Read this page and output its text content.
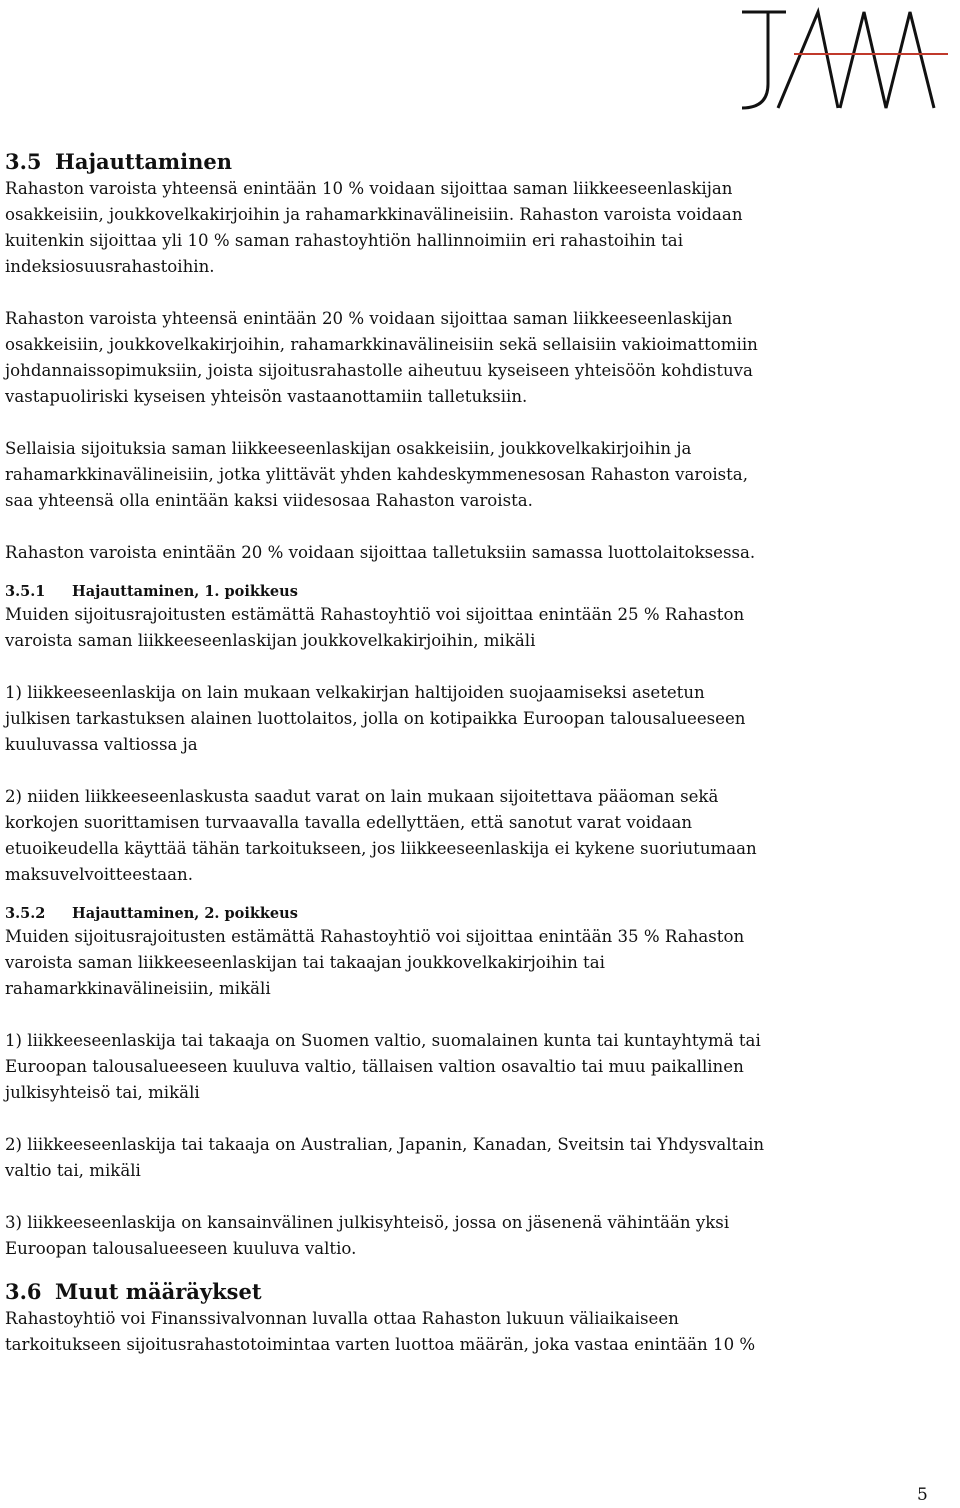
3.5 Hajauttaminen

Rahaston varoista yhteensä enintään 10 % voidaan sijoittaa saman liikkeeseenlaskijan
osakkeisiin, joukkovelkakirjoihin ja rahamarkkinavälineisiin. Rahaston varoista voidaan
kuitenkin sijoittaa yli 10 % saman rahastoyhtiön hallinnoimiin eri rahastoihin tai
indeksiosuusrahastoihin.

Rahaston varoista yhteensä enintään 20 % voidaan sijoittaa saman liikkeeseenlaskijan
osakkeisiin, joukkovelkakirjoihin, rahamarkkinavälineisiin sekä sellaisiin vakioimattomiin
johdannaissopimuksiin, joista sijoitusrahastolle aiheutuu kyseiseen yhteisöön kohdistuva
vastapuoliriski kyseisen yhteisön vastaanottamiin talletuksiin.

Sellaisia sijoituksia saman liikkeeseenlaskijan osakkeisiin, joukkovelkakirjoihin ja
rahamarkkinavälineisiin, jotka ylittävät yhden kahdeskymmenesosan Rahaston varoista,
saa yhteensä olla enintään kaksi viidesosaa Rahaston varoista.

Rahaston varoista enintään 20 % voidaan sijoittaa talletuksiin samassa luottolaitoksessa.

3.5.1 Hajauttaminen, 1. poikkeus

Muiden sijoitusrajoitusten estämättä Rahastoyhtiö voi sijoittaa enintään 25 % Rahaston
varoista saman liikkeeseenlaskijan joukkovelkakirjoihin, mikäli

1) liikkeeseenlaskija on lain mukaan velkakirjan haltijoiden suojaamiseksi asetetun
julkisen tarkastuksen alainen luottolaitos, jolla on kotipaikka Euroopan talousalueeseen
kuuluvassa valtiossa ja

2) niiden liikkeeseenlaskusta saadut varat on lain mukaan sijoitettava pääoman sekä
korkojen suorittamisen turvaavalla tavalla edellyttäen, että sanotut varat voidaan
etuoikeudella käyttää tähän tarkoitukseen, jos liikkeeseenlaskija ei kykene suoriutumaan
maksuvelvoitteestaan.

3.5.2 Hajauttaminen, 2. poikkeus

Muiden sijoitusrajoitusten estämättä Rahastoyhtiö voi sijoittaa enintään 35 % Rahaston
varoista saman liikkeeseenlaskijan tai takaajan joukkovelkakirjoihin tai
rahamarkkinavälineisiin, mikäli

1) liikkeeseenlaskija tai takaaja on Suomen valtio, suomalainen kunta tai kuntayhtymä tai
Euroopan talousalueeseen kuuluva valtio, tällaisen valtion osavaltio tai muu paikallinen
julkisyhteisö tai, mikäli

2) liikkeeseenlaskija tai takaaja on Australian, Japanin, Kanadan, Sveitsin tai Yhdysvaltain
valtio tai, mikäli

3) liikkeeseenlaskija on kansainvälinen julkisyhteisö, jossa on jäsenenä vähintään yksi
Euroopan talousalueeseen kuuluva valtio.

3.6 Muut määräykset

Rahastoyhtiö voi Finanssivalvonnan luvalla ottaa Rahaston lukuun väliaikaiseen
tarkoitukseen sijoitusrahastotoimintaa varten luottoa määrän, joka vastaa enintään 10 %

5
